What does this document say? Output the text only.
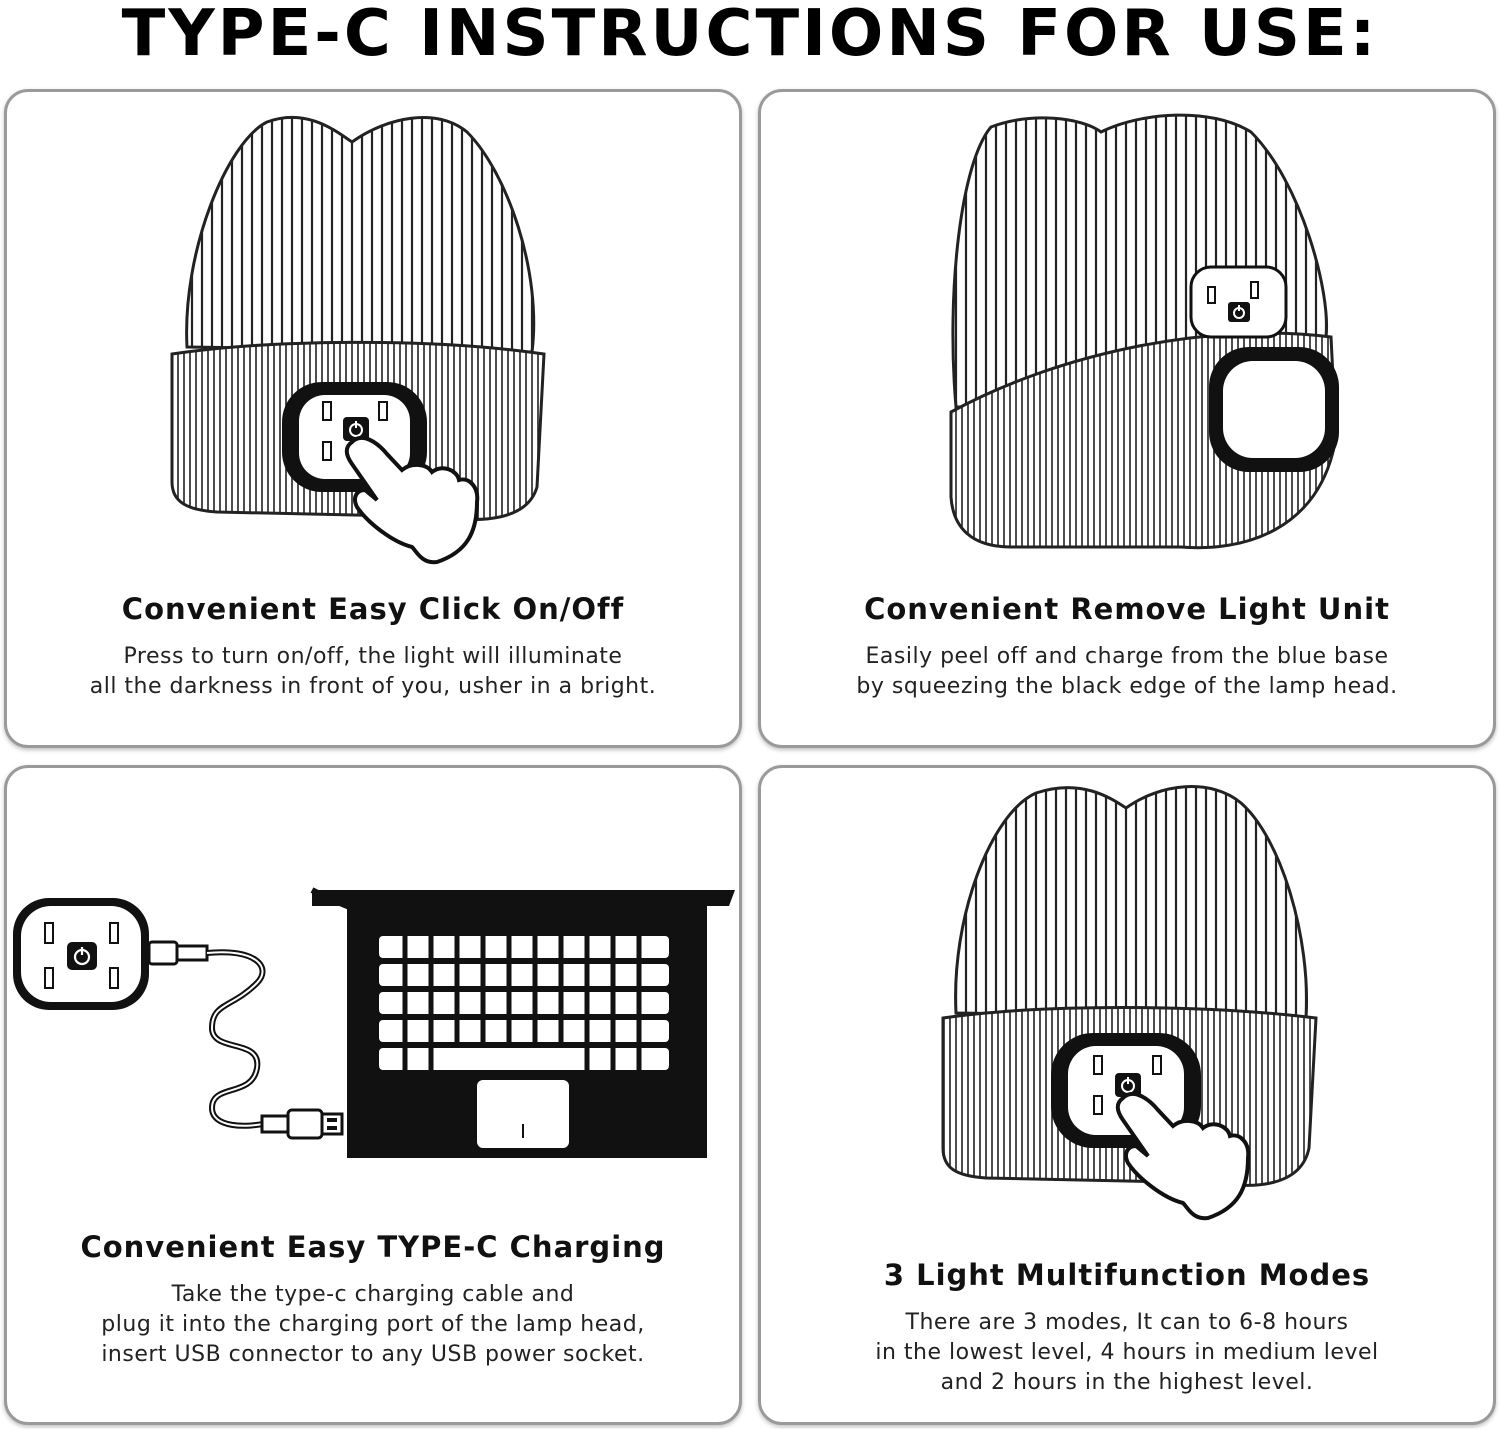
TYPE-C INSTRUCTIONS FOR USE:
Convenient Easy Click On/Off
Press to turn on/off, the light will illuminate
all the darkness in front of you, usher in a bright.
Convenient Remove Light Unit
Easily peel off and charge from the blue base
by squeezing the black edge of the lamp head.
Convenient Easy TYPE-C Charging
Take the type-c charging cable and
plug it into the charging port of the lamp head,
insert USB connector to any USB power socket.
3 Light Multifunction Modes
There are 3 modes, It can to 6-8 hours
in the lowest level, 4 hours in medium level
and 2 hours in the highest level.
